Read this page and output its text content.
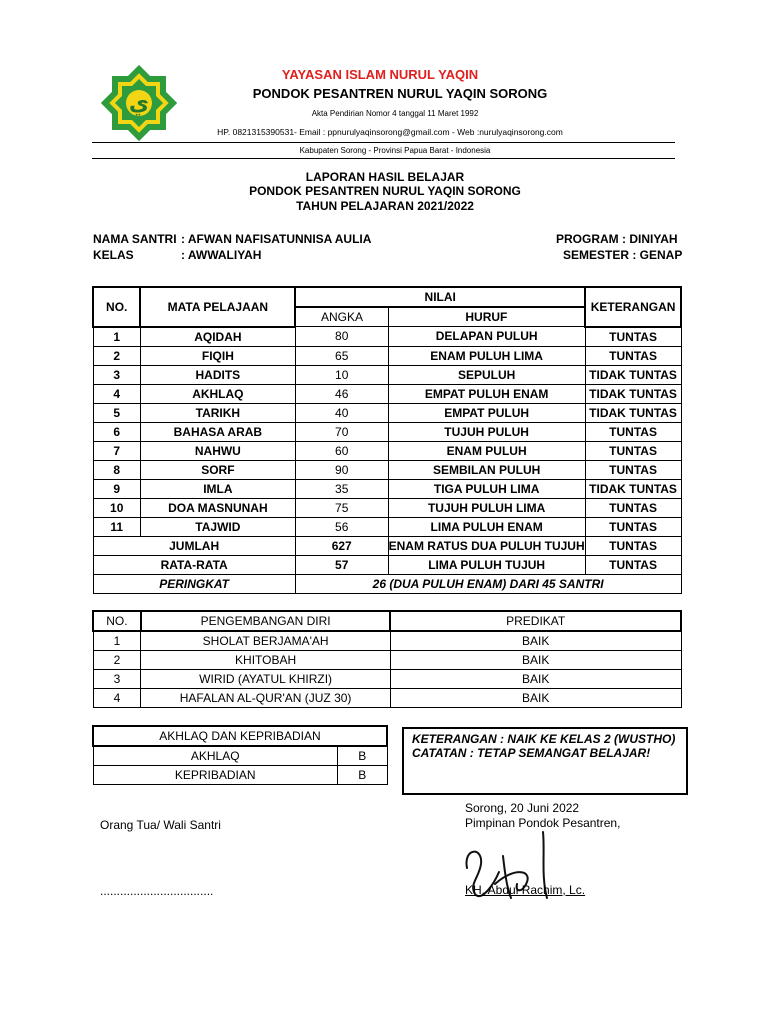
ي
YAYASAN ISLAM NURUL YAQIN
PONDOK PESANTREN NURUL YAQIN SORONG
Akta Pendirian Nomor 4 tanggal 11 Maret 1992
HP. 0821315390531- Email : ppnurulyaqinsorong@gmail.com - Web :nurulyaqinsorong.com
Kabupaten Sorong - Provinsi Papua Barat - Indonesia
LAPORAN HASIL BELAJAR
PONDOK PESANTREN NURUL YAQIN SORONG
TAHUN PELAJARAN 2021/2022
NAMA SANTRI : AFWAN NAFISATUNNISA AULIA
KELAS	: AWWALIYAH
PROGRAM : DINIYAH
SEMESTER : GENAP
NO.	MATA PELAJAAN	NILAI		KETERANGAN
		ANGKA	HURUF	
1	AQIDAH	80	DELAPAN PULUH	TUNTAS
2	FIQIH	65	ENAM PULUH LIMA	TUNTAS
3	HADITS	10	SEPULUH	TIDAK TUNTAS
4	AKHLAQ	46	EMPAT PULUH ENAM	TIDAK TUNTAS
5	TARIKH	40	EMPAT PULUH	TIDAK TUNTAS
6	BAHASA ARAB	70	TUJUH PULUH	TUNTAS
7	NAHWU	60	ENAM PULUH	TUNTAS
8	SORF	90	SEMBILAN PULUH	TUNTAS
9	IMLA	35	TIGA PULUH LIMA	TIDAK TUNTAS
10	DOA MASNUNAH	75	TUJUH PULUH LIMA	TUNTAS
11	TAJWID	56	LIMA PULUH ENAM	TUNTAS
JUMLAH		627	ENAM RATUS DUA PULUH TUJUH	TUNTAS
RATA-RATA		57	LIMA PULUH TUJUH	TUNTAS
PERINGKAT		26 (DUA PULUH ENAM) DARI 45 SANTRI		
NO.	PENGEMBANGAN DIRI	PREDIKAT
1	SHOLAT BERJAMA'AH	BAIK
2	KHITOBAH	BAIK
3	WIRID (AYATUL KHIRZI)	BAIK
4	HAFALAN AL-QUR'AN (JUZ 30)	BAIK
AKHLAQ DAN KEPRIBADIAN	
AKHLAQ	B
KEPRIBADIAN	B
KETERANGAN : NAIK KE KELAS 2 (WUSTHO)
CATATAN : TETAP SEMANGAT BELAJAR!
Orang Tua/ Wali Santri
..................................
Sorong, 20 Juni 2022
Pimpinan Pondok Pesantren,
KH. Abdul Rachim, Lc.
